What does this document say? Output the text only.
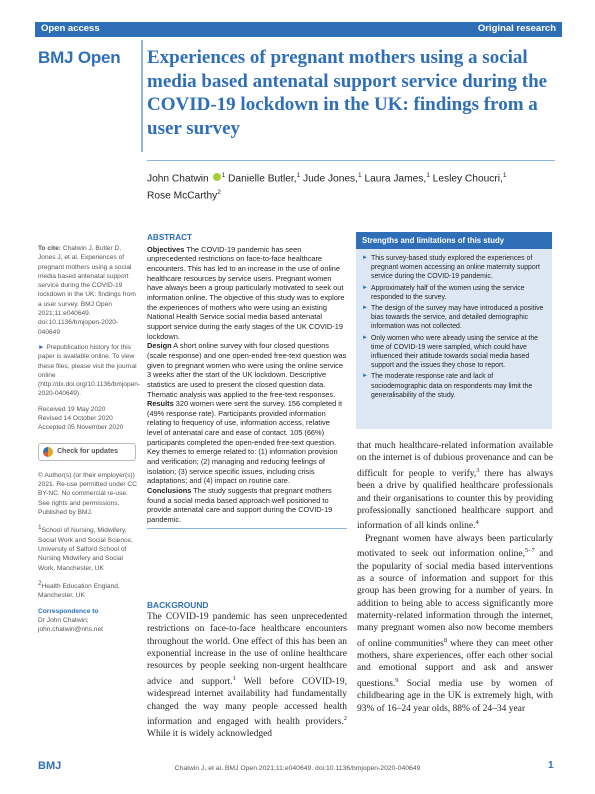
Open access	Original research
BMJ Open Experiences of pregnant mothers using a social media based antenatal support service during the COVID-19 lockdown in the UK: findings from a user survey
John Chatwin $^1$ Danielle Butler,$^1$ Jude Jones,$^1$ Laura James,$^1$ Lesley Choucri,$^1$
Rose McCarthy$^2$

To cite: Chatwin J, Butler D, Jones J, et al. Experiences of pregnant mothers using a social media based antenatal support service during the COVID-19 lockdown in the UK: findings from a user survey. BMJ Open 2021;11:e040649. doi:10.1136/bmjopen-2020-040649

► Prepublication history for this paper is available online. To view these files, please visit the journal online (http://dx.doi.org/10.1136/bmjopen-2020-040649).

Received 19 May 2020
Revised 14 October 2020
Accepted 05 November 2020
Check for updates

© Author(s) (or their employer(s)) 2021. Re-use permitted under CC BY-NC. No commercial re-use. See rights and permissions. Published by BMJ.

$^1$School of Nursing, Midwifery, Social Work and Social Science, University of Salford School of Nursing Midwifery and Social Work, Manchester, UK

$^2$Health Education England, Manchester, UK

Correspondence to

Dr John Chatwin;
john.chatwin@nhs.net
ABSTRACT

Objectives The COVID-19 pandemic has seen unprecedented restrictions on face-to-face healthcare encounters. This has led to an increase in the use of online healthcare resources by service users. Pregnant women have always been a group particularly motivated to seek out information online. The objective of this study was to explore the experiences of mothers who were using an existing National Health Service social media based antenatal support service during the early stages of the UK COVID-19 lockdown.

Design A short online survey with four closed questions (scale response) and one open-ended free-text question was given to pregnant women who were using the online service 3 weeks after the start of the UK lockdown. Descriptive statistics are used to present the closed question data. Thematic analysis was applied to the free-text responses.

Results 320 women were sent the survey. 156 completed it (49% response rate). Participants provided information relating to frequency of use, information access, relative level of antenatal care and ease of contact. 105 (66%) participants completed the open-ended free-text question. Key themes to emerge related to: (1) information provision and verification; (2) managing and reducing feelings of isolation; (3) service specific issues, including crisis adaptations; and (4) impact on routine care.

Conclusions The study suggests that pregnant mothers found a social media based approach well positioned to provide antenatal care and support during the COVID-19 pandemic.

Strengths and limitations of this study
► This survey-based study explored the experiences of pregnant women accessing an online maternity support service during the COVID-19 pandemic.
► Approximately half of the women using the service responded to the survey.
► The design of the survey may have introduced a positive bias towards the service, and detailed demographic information was not collected.
► Only women who were already using the service at the time of COVID-19 were sampled, which could have influenced their attitude towards social media based support and the issues they chose to report.
► The moderate response rate and lack of sociodemographic data on respondents may limit the generalisability of the study.
BACKGROUND
The COVID-19 pandemic has seen unprecedented restrictions on face-to-face healthcare encounters throughout the world. One effect of this has been an exponential increase in the use of online healthcare resources by people seeking non-urgent healthcare advice and support.$^1$ Well before COVID-19, widespread internet availability had fundamentally changed the way many people accessed health information and engaged with health providers.$^2$ While it is widely acknowledged

that much healthcare-related information available on the internet is of dubious provenance and can be difficult for people to verify,$^3$ there has always been a drive by qualified healthcare professionals and their organisations to counter this by providing professionally sanctioned healthcare support and information of all kinds online.$^4$

Pregnant women have always been particularly motivated to seek out information online,$^{5-7}$ and the popularity of social media based interventions as a source of information and support for this group has been growing for a number of years. In addition to being able to access significantly more maternity-related information through the internet, many pregnant women also now become members of online communities$^8$ where they can meet other mothers, share experiences, offer each other social and emotional support and ask and answer questions.$^9$ Social media use by women of childbearing age in the UK is extremely high, with 93% of 16–24 year olds, 88% of 24–34 year

BMJ	Chatwin J, et al. BMJ Open 2021;11:e040649. doi:10.1136/bmjopen-2020-040649	1
